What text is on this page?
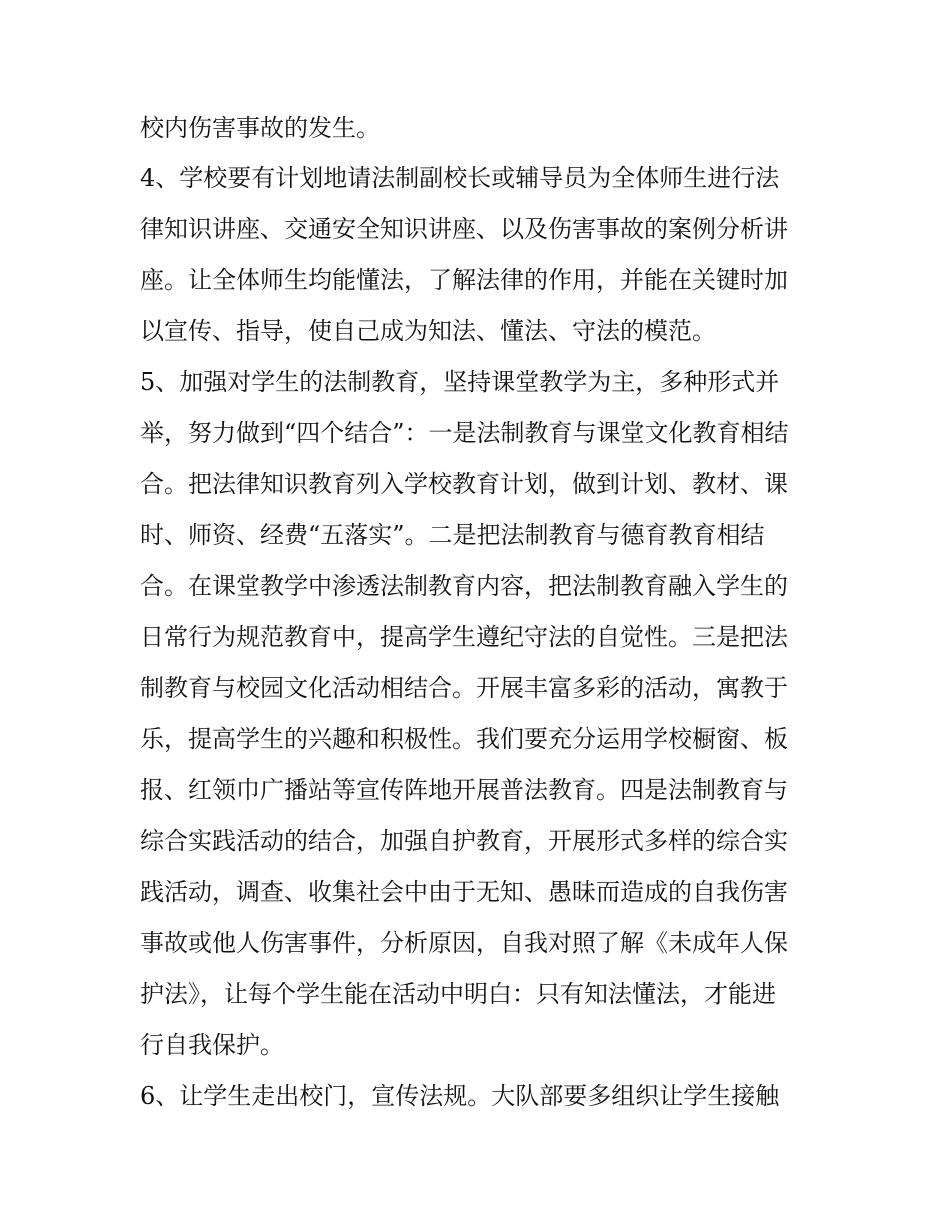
校内伤害事故的发生。
4、学校要有计划地请法制副校长或辅导员为全体师生进行法
律知识讲座、交通安全知识讲座、以及伤害事故的案例分析讲
座。让全体师生均能懂法，了解法律的作用，并能在关键时加
以宣传、指导，使自己成为知法、懂法、守法的模范。
5、加强对学生的法制教育，坚持课堂教学为主，多种形式并
举，努力做到“四个结合”：一是法制教育与课堂文化教育相结
合。把法律知识教育列入学校教育计划，做到计划、教材、课
时、师资、经费“五落实”。二是把法制教育与德育教育相结
合。在课堂教学中渗透法制教育内容，把法制教育融入学生的
日常行为规范教育中，提高学生遵纪守法的自觉性。三是把法
制教育与校园文化活动相结合。开展丰富多彩的活动，寓教于
乐，提高学生的兴趣和积极性。我们要充分运用学校橱窗、板
报、红领巾广播站等宣传阵地开展普法教育。四是法制教育与
综合实践活动的结合，加强自护教育，开展形式多样的综合实
践活动，调查、收集社会中由于无知、愚昧而造成的自我伤害
事故或他人伤害事件，分析原因，自我对照了解《未成年人保
护法》，让每个学生能在活动中明白：只有知法懂法，才能进
行自我保护。
6、让学生走出校门，宣传法规。大队部要多组织让学生接触
